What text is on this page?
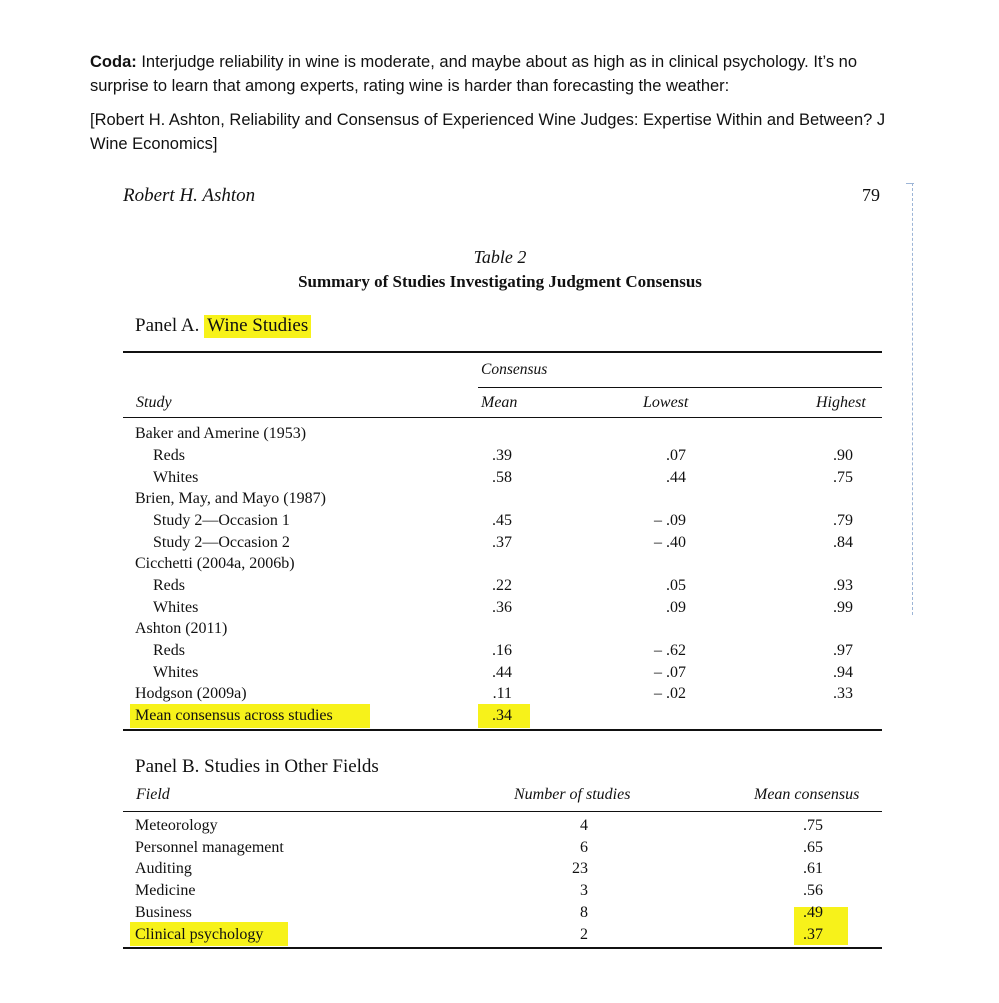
Coda: Interjudge reliability in wine is moderate, and maybe about as high as in clinical psychology. It’s no surprise to learn that among experts, rating wine is harder than forecasting the weather:

[Robert H. Ashton, Reliability and Consensus of Experienced Wine Judges: Expertise Within and Between? J Wine Economics]

Robert H. Ashton	79
Table 2
Summary of Studies Investigating Judgment Consensus
Panel A. Wine Studies
Consensus
Study	Mean	Lowest	Highest
Baker and Amerine (1953)
Reds	.39	.07	.90
Whites	.58	.44	.75
Brien, May, and Mayo (1987)
Study 2—Occasion 1	.45	– .09	.79
Study 2—Occasion 2	.37	– .40	.84
Cicchetti (2004a, 2006b)
Reds	.22	.05	.93
Whites	.36	.09	.99
Ashton (2011)
Reds	.16	– .62	.97
Whites	.44	– .07	.94
Hodgson (2009a)	.11	– .02	.33
Mean consensus across studies	.34
Panel B. Studies in Other Fields
Field	Number of studies	Mean consensus
Meteorology	4	.75
Personnel management	6	.65
Auditing	23	.61
Medicine	3	.56
Business	8	.49
Clinical psychology	2	.37
